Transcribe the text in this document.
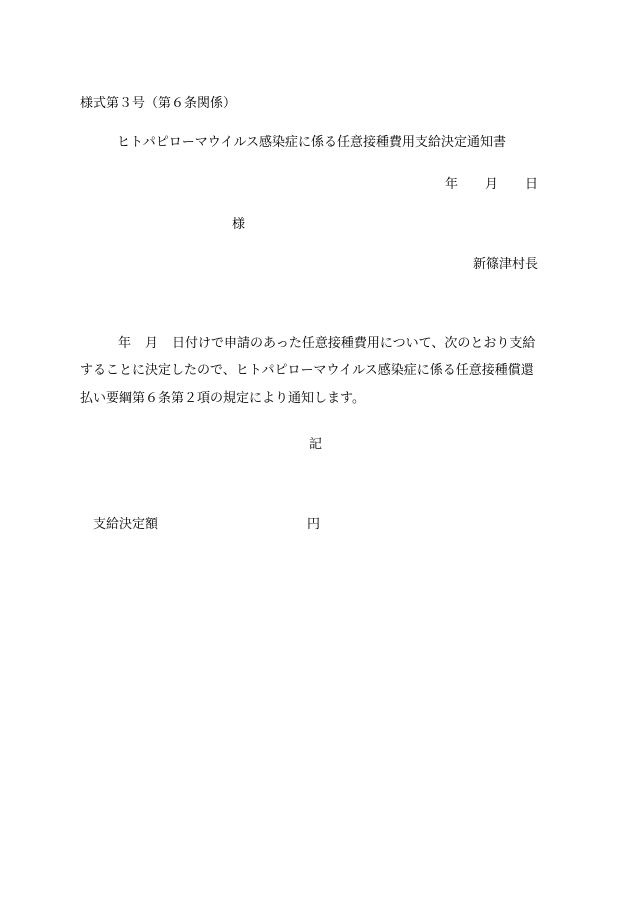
様式第３号（第６条関係）
ヒトパピローマウイルス感染症に係る任意接種費用支給決定通知書
年 月 日
様
新篠津村長
年 月 日付けで申請のあった任意接種費用について、次のとおり支給
することに決定したので、ヒトパピローマウイルス感染症に係る任意接種償還
払い要綱第６条第２項の規定により通知します。
記
支給決定額	円
